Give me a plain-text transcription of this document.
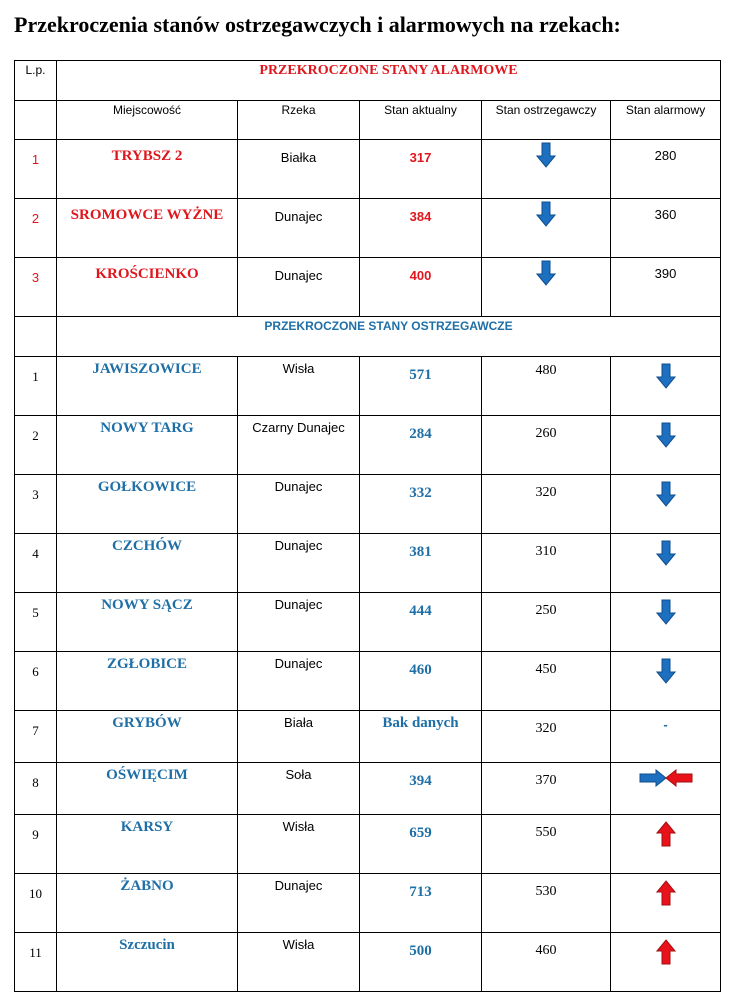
Przekroczenia stanów ostrzegawczych i alarmowych na rzekach:
L.p.	PRZEKROCZONE STANY ALARMOWE				
	Miejscowość	Rzeka	Stan aktualny	Stan ostrzegawczy	Stan alarmowy
1	TRYBSZ 2	Białka	317		280
2	SROMOWCE WYŻNE	Dunajec	384		360
3	KROŚCIENKO	Dunajec	400		390
	PRZEKROCZONE STANY OSTRZEGAWCZE				
1	JAWISZOWICE	Wisła	571	480	
2	NOWY TARG	Czarny Dunajec	284	260	
3	GOŁKOWICE	Dunajec	332	320	
4	CZCHÓW	Dunajec	381	310	
5	NOWY SĄCZ	Dunajec	444	250	
6	ZGŁOBICE	Dunajec	460	450	
7	GRYBÓW	Biała	Bak danych	320	-
8	OŚWIĘCIM	Soła	394	370	
9	KARSY	Wisła	659	550	
10	ŻABNO	Dunajec	713	530	
11	Szczucin	Wisła	500	460	
